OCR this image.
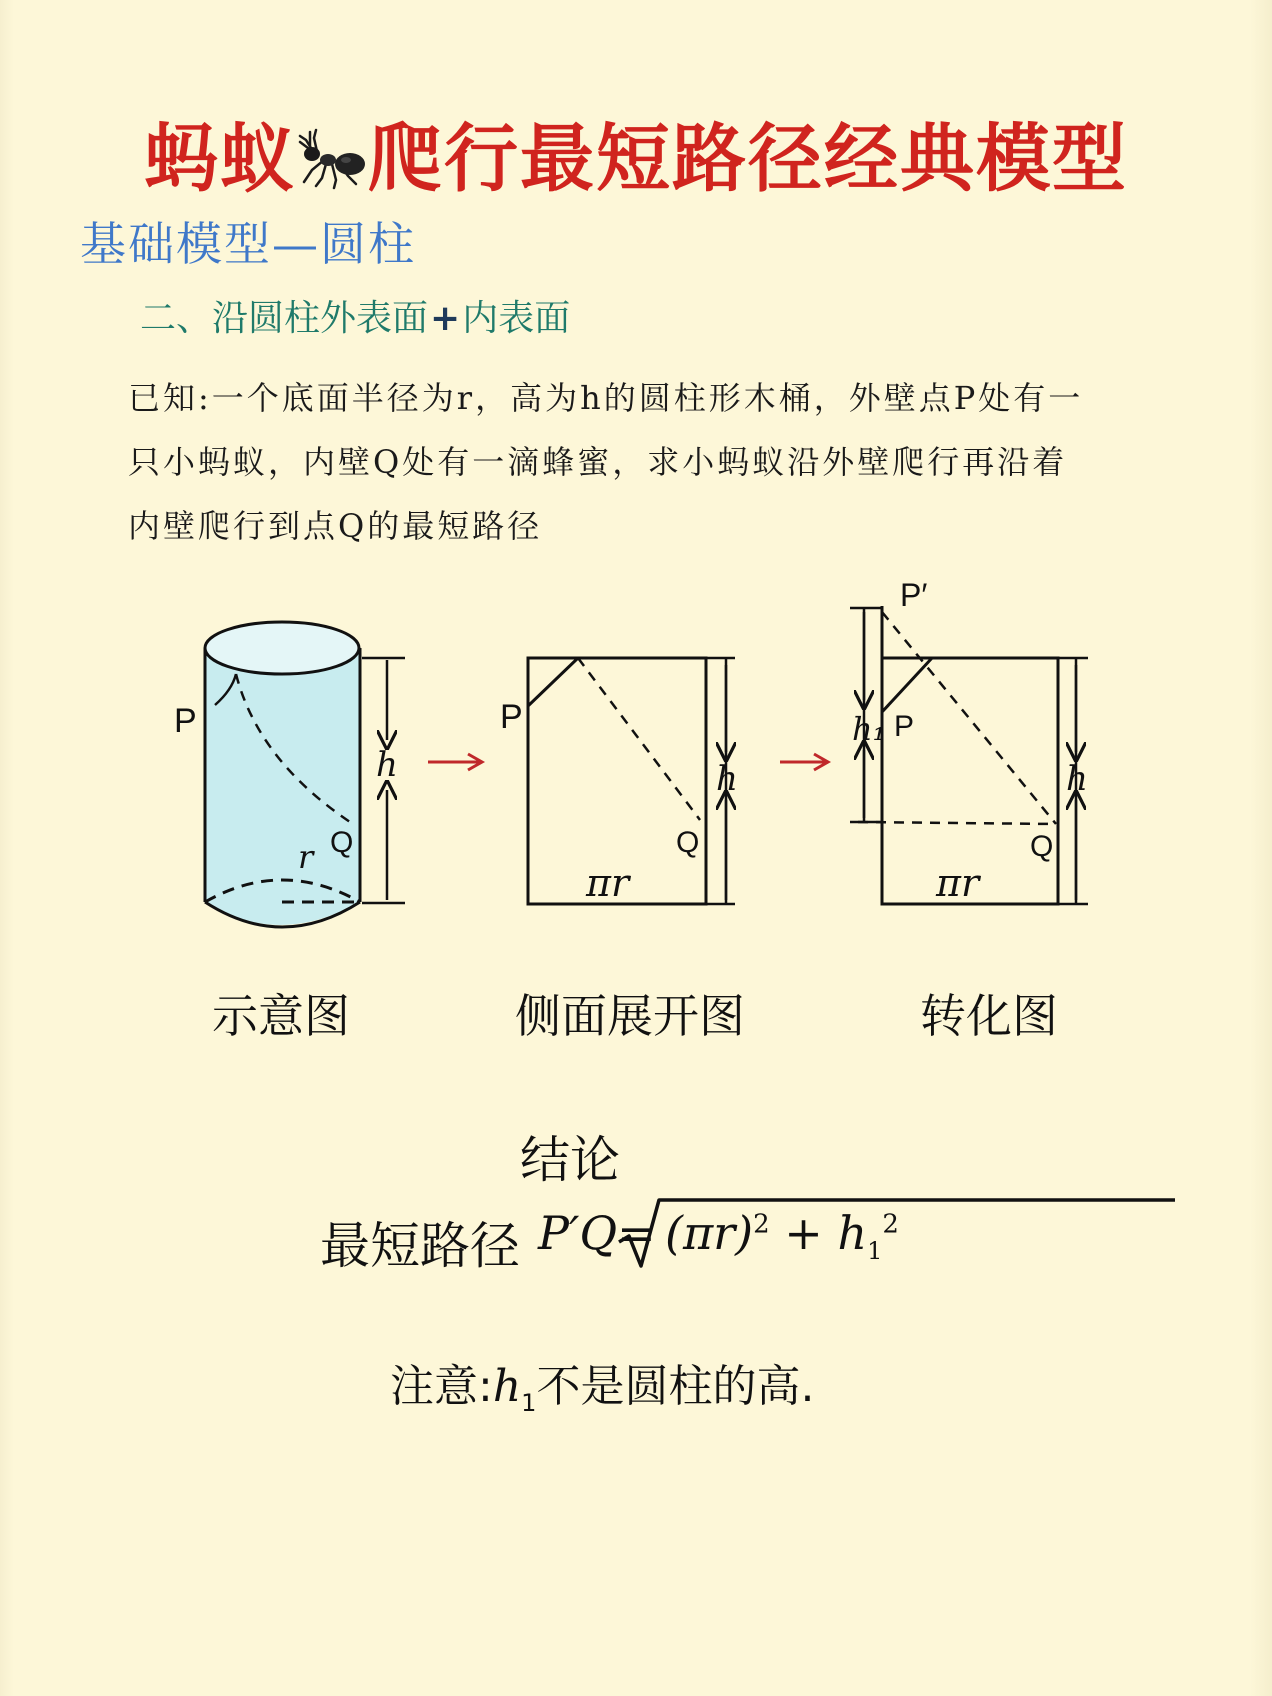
蚂蚁 爬行最短路径经典模型
基础模型—圆柱
二、沿圆柱外表面+内表面
已知:一个底面半径为r，高为h的圆柱形木桶，外壁点P处有一只小蚂蚁，内壁Q处有一滴蜂蜜，求小蚂蚁沿外壁爬行再沿着内壁爬行到点Q的最短路径
P
Q
r
h
P
Q
πr
h
P′
P
Q
πr
h₁
h
示意图	侧面展开图	转化图
结论
最短路径 $P'Q= (\pi r)^2 + h_1^2$
注意$:h_1$不是圆柱的高.
